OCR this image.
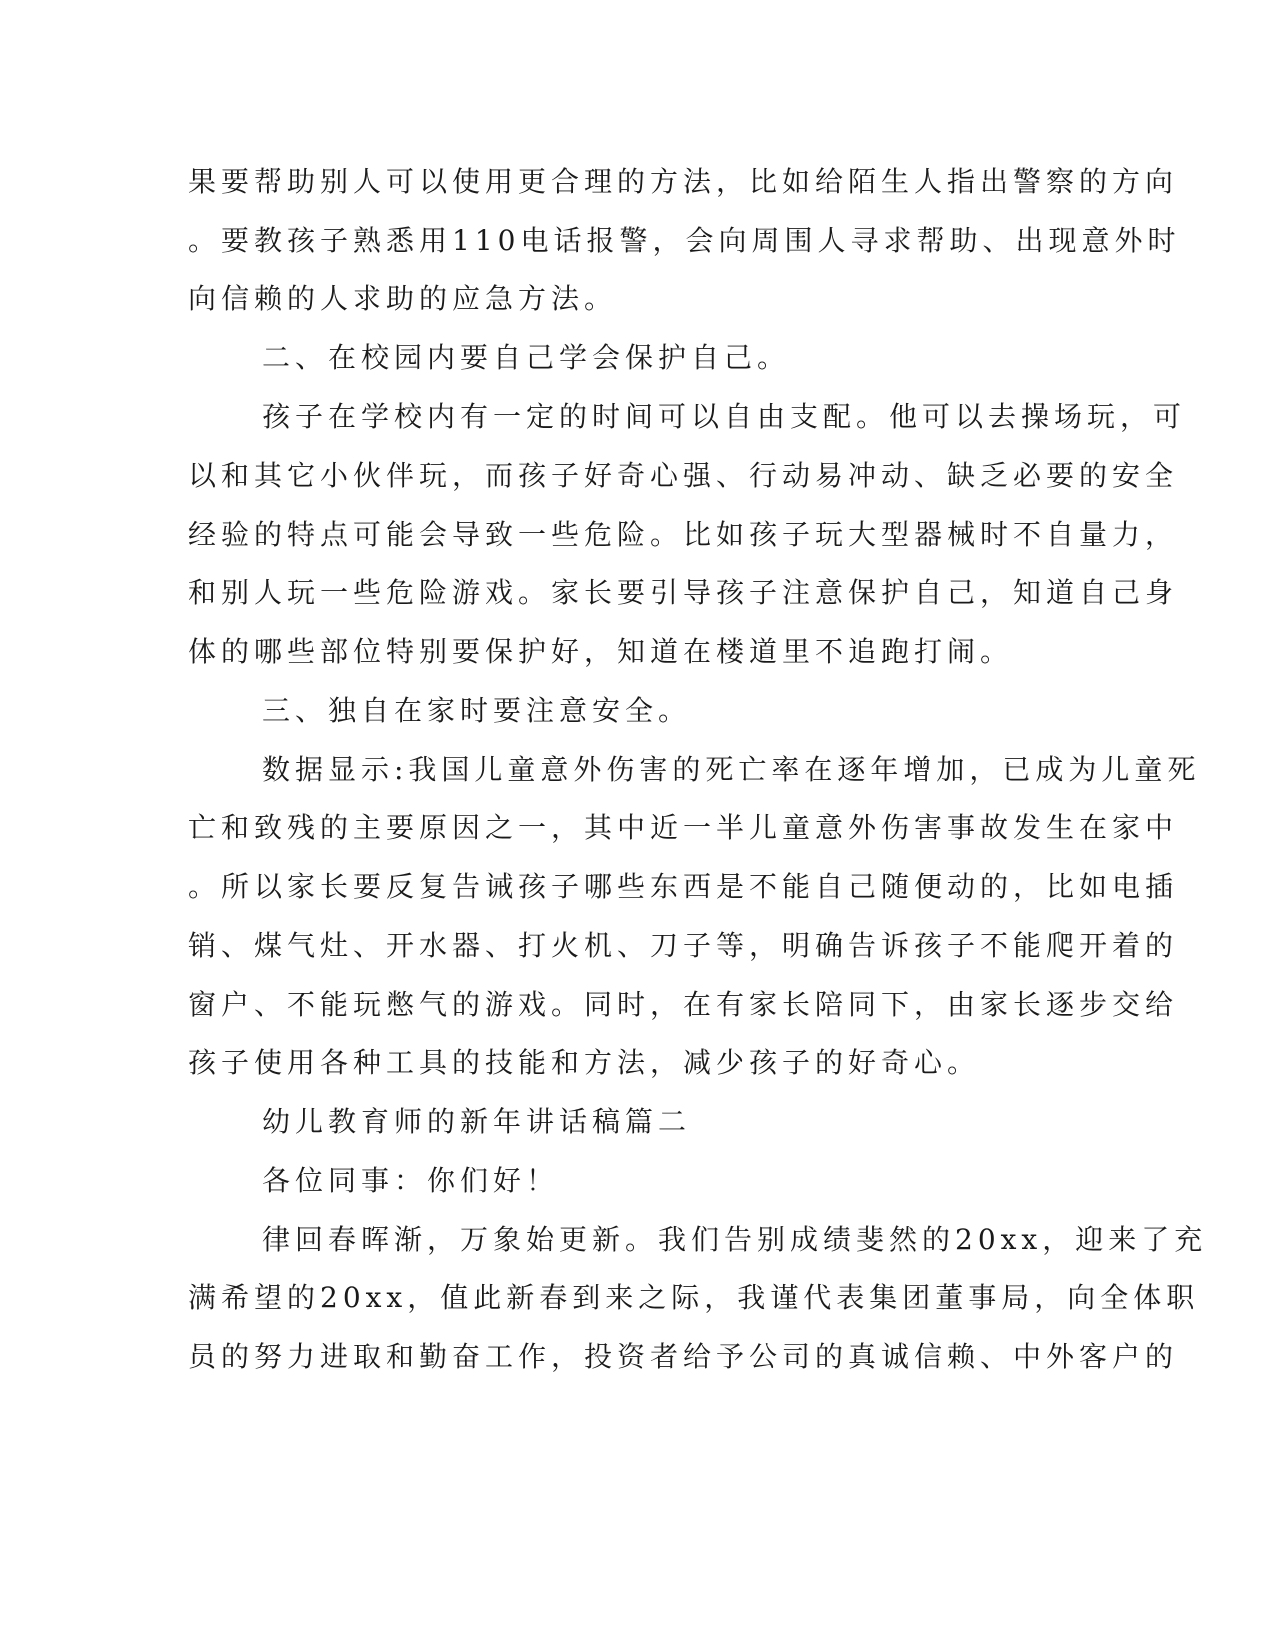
果要帮助别人可以使用更合理的方法，比如给陌生人指出警察的方向

。要教孩子熟悉用110电话报警，会向周围人寻求帮助、出现意外时

向信赖的人求助的应急方法。

二、在校园内要自己学会保护自己。

孩子在学校内有一定的时间可以自由支配。他可以去操场玩，可

以和其它小伙伴玩，而孩子好奇心强、行动易冲动、缺乏必要的安全

经验的特点可能会导致一些危险。比如孩子玩大型器械时不自量力，

和别人玩一些危险游戏。家长要引导孩子注意保护自己，知道自己身

体的哪些部位特别要保护好，知道在楼道里不追跑打闹。

三、独自在家时要注意安全。

数据显示:我国儿童意外伤害的死亡率在逐年增加，已成为儿童死

亡和致残的主要原因之一，其中近一半儿童意外伤害事故发生在家中

。所以家长要反复告诫孩子哪些东西是不能自己随便动的，比如电插

销、煤气灶、开水器、打火机、刀子等，明确告诉孩子不能爬开着的

窗户、不能玩憋气的游戏。同时，在有家长陪同下，由家长逐步交给

孩子使用各种工具的技能和方法，减少孩子的好奇心。

幼儿教育师的新年讲话稿篇二

各位同事：你们好！

律回春晖渐，万象始更新。我们告别成绩斐然的20xx，迎来了充

满希望的20xx，值此新春到来之际，我谨代表集团董事局，向全体职

员的努力进取和勤奋工作，投资者给予公司的真诚信赖、中外客户的
